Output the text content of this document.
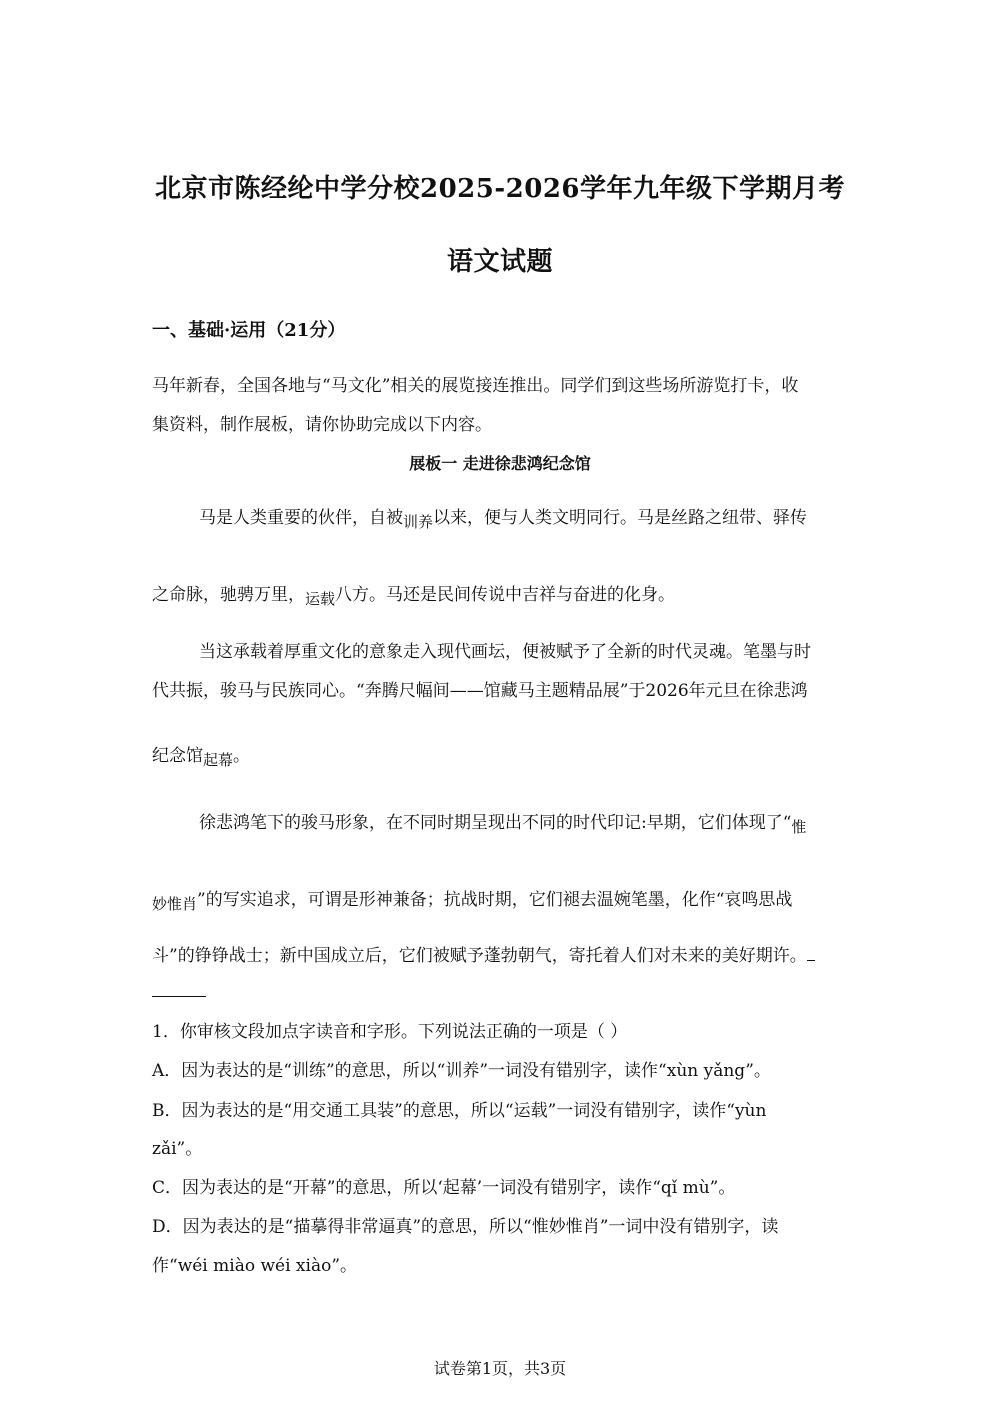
北京市陈经纶中学分校2025-2026学年九年级下学期月考
语文试题
一、基础·运用（21分）
马年新春，全国各地与“马文化”相关的展览接连推出。同学们到这些场所游览打卡，收
集资料，制作展板，请你协助完成以下内容。
展板一 走进徐悲鸿纪念馆
马是人类重要的伙伴，自被训养以来，便与人类文明同行。马是丝路之纽带、驿传
之命脉，驰骋万里，运载八方。马还是民间传说中吉祥与奋进的化身。
当这承载着厚重文化的意象走入现代画坛，便被赋予了全新的时代灵魂。笔墨与时
代共振，骏马与民族同心。“奔腾尺幅间——馆藏马主题精品展”于2026年元旦在徐悲鸿
纪念馆起幕。
徐悲鸿笔下的骏马形象，在不同时期呈现出不同的时代印记:早期，它们体现了“惟
妙惟肖”的写实追求，可谓是形神兼备；抗战时期，它们褪去温婉笔墨，化作“哀鸣思战
斗”的铮铮战士；新中国成立后，它们被赋予蓬勃朝气，寄托着人们对未来的美好期许。
1．你审核文段加点字读音和字形。下列说法正确的一项是（ ）
A．因为表达的是“训练”的意思，所以“训养”一词没有错别字，读作“xùn yǎng”。
B．因为表达的是“用交通工具装”的意思，所以“运载”一词没有错别字，读作“yùn
zǎi”。
C．因为表达的是“开幕”的意思，所以‘起幕’一词没有错别字，读作“qǐ mù”。
D．因为表达的是“描摹得非常逼真”的意思，所以“惟妙惟肖”一词中没有错别字，读
作“wéi miào wéi xiào”。
试卷第1页，共3页
